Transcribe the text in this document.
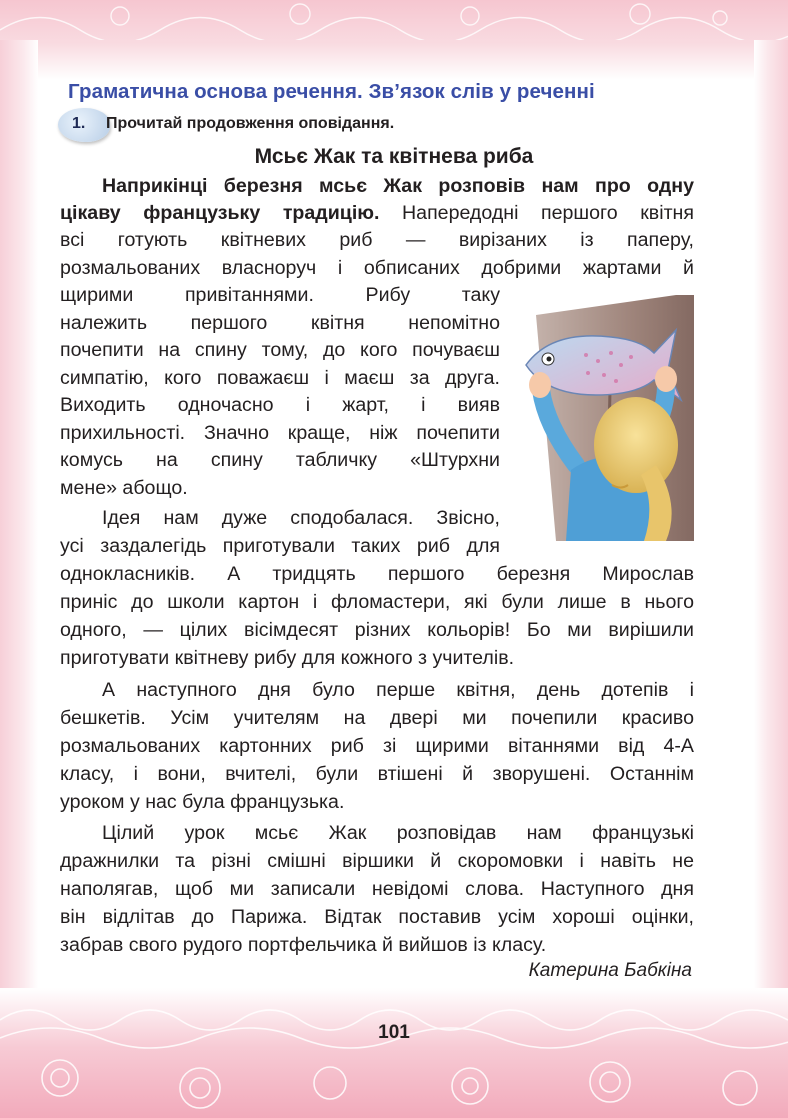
Граматична основа речення. Зв’язок слів у реченні
1. Прочитай продовження оповідання.
Мсьє Жак та квітнева риба
Наприкінці березня мсьє Жак розповів нам про одну
цікаву французьку традицію. Напередодні першого квітня
всі готують квітневих риб — вирізаних із паперу,
розмальованих власноруч і обписаних добрими жартами й
щирими привітаннями. Рибу таку
належить першого квітня непомітно
почепити на спину тому, до кого почуваєш
симпатію, кого поважаєш і маєш за друга.
Виходить одночасно і жарт, і вияв
прихильності. Значно краще, ніж почепити
комусь на спину табличку «Штурхни
мене» абощо.
Ідея нам дуже сподобалася. Звісно,
усі заздалегідь приготували таких риб для
однокласників. А тридцять першого березня Мирослав
приніс до школи картон і фломастери, які були лише в нього
одного, — цілих вісімдесят різних кольорів! Бо ми вирішили
приготувати квітневу рибу для кожного з учителів.
А наступного дня було перше квітня, день дотепів і
бешкетів. Усім учителям на двері ми почепили красиво
розмальованих картонних риб зі щирими вітаннями від 4-А
класу, і вони, вчителі, були втішені й зворушені. Останнім
уроком у нас була французька.
Цілий урок мсьє Жак розповідав нам французькі
дражнилки та різні смішні віршики й скоромовки і навіть не
наполягав, щоб ми записали невідомі слова. Наступного дня
він відлітав до Парижа. Відтак поставив усім хороші оцінки,
забрав свого рудого портфельчика й вийшов із класу.
Катерина Бабкіна
101
